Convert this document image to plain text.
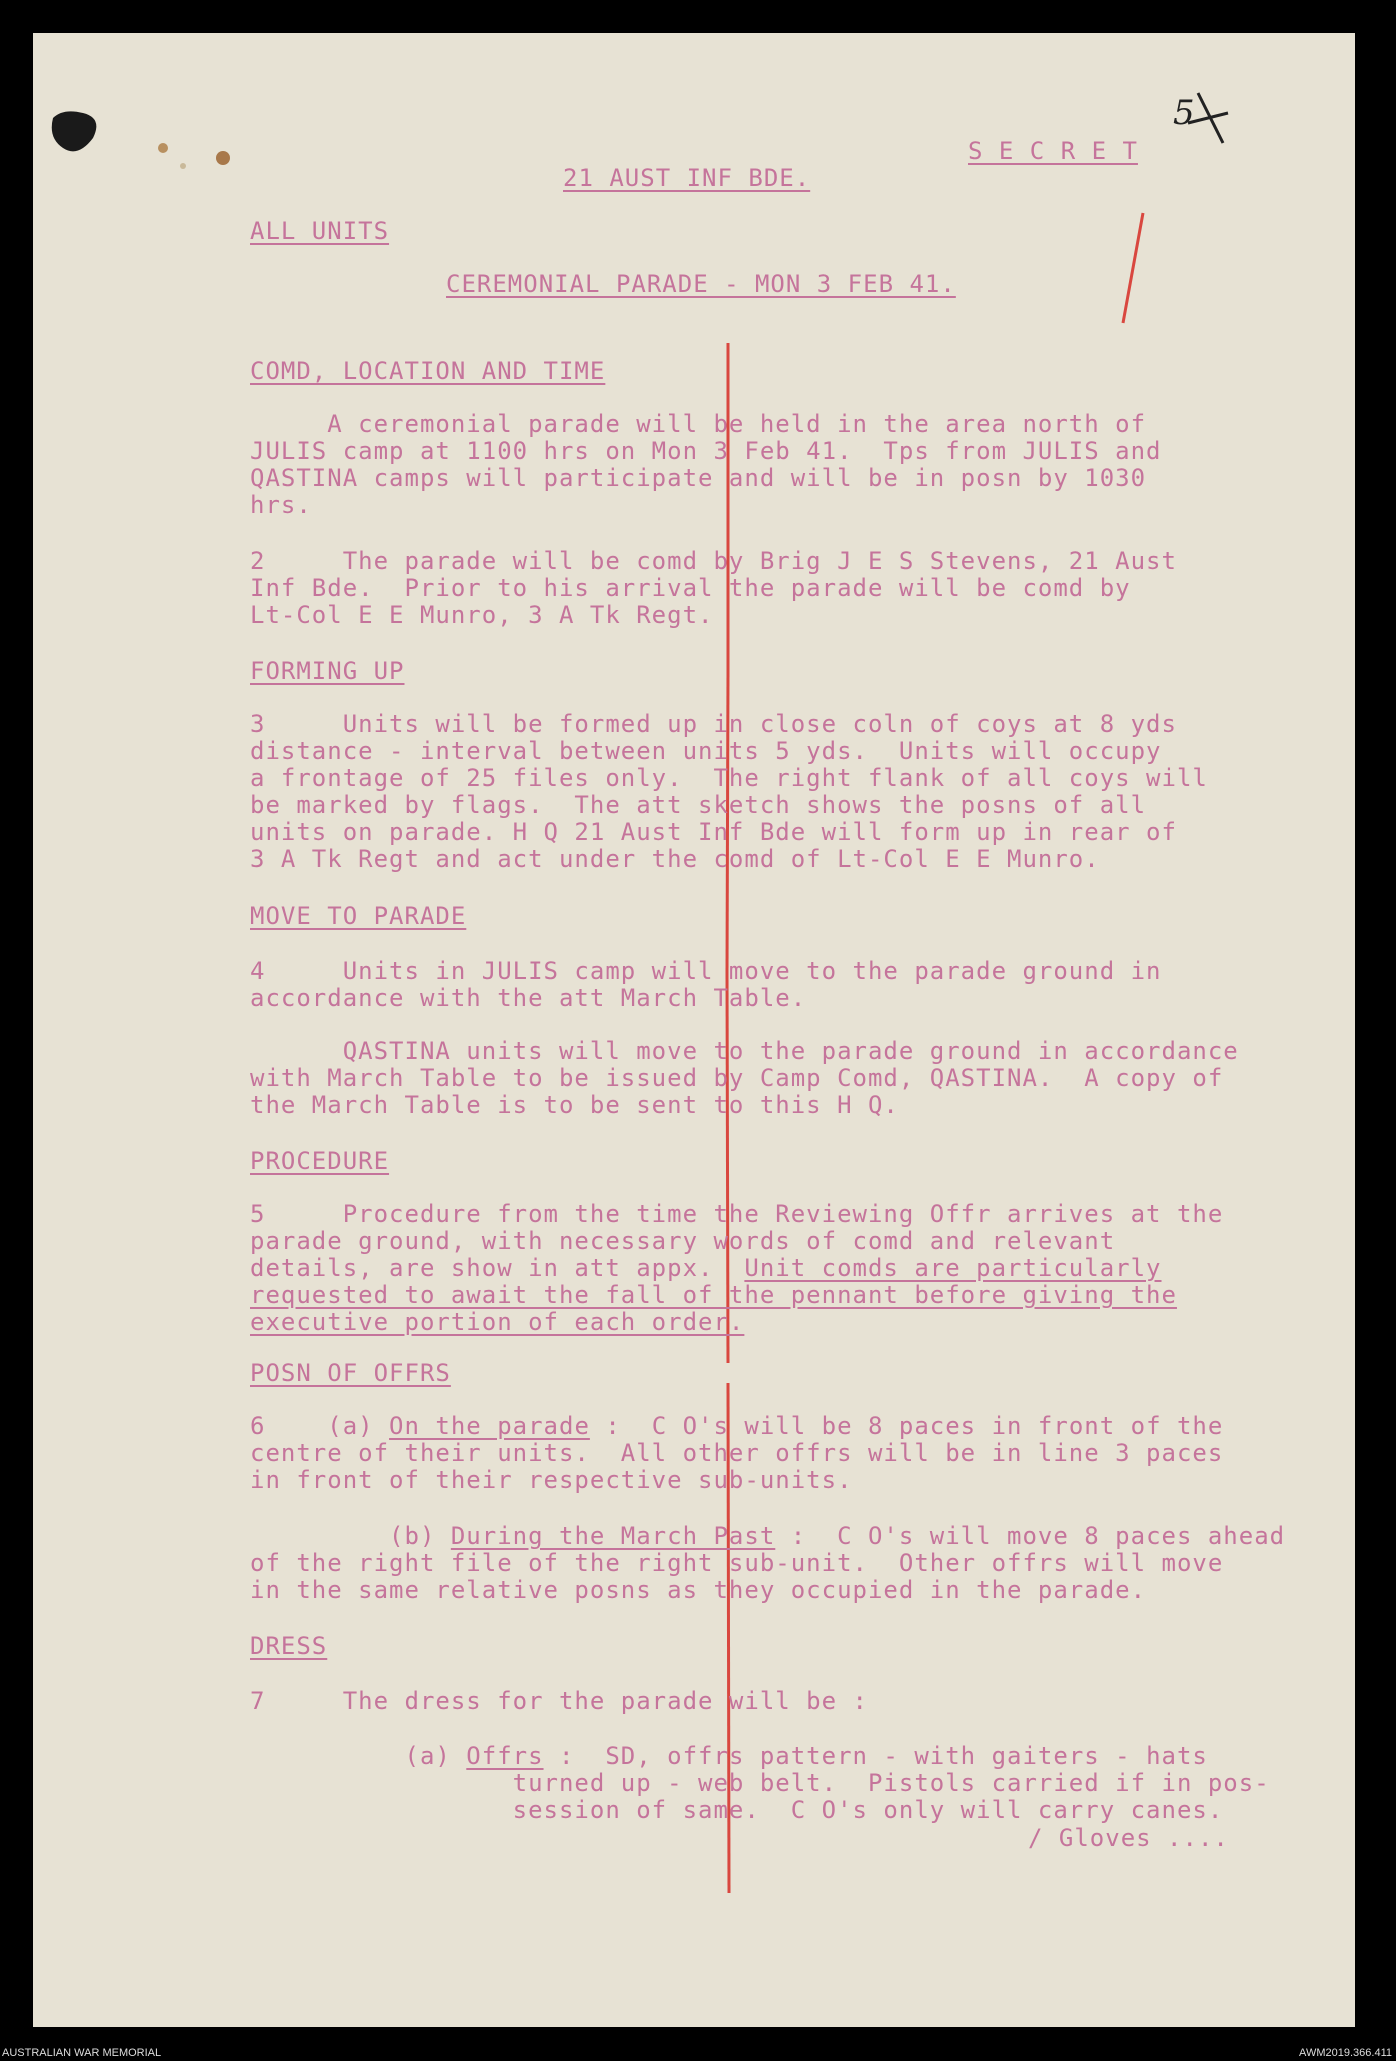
5
S E C R E T
21 AUST INF BDE.
ALL UNITS
CEREMONIAL PARADE - MON 3 FEB 41.
COMD, LOCATION AND TIME
A ceremonial parade will be held in the area north of
JULIS camp at 1100 hrs on Mon 3 Feb 41.  Tps from JULIS and
QASTINA camps will participate and will be in posn by 1030
hrs.
2     The parade will be comd by Brig J E S Stevens, 21 Aust
Inf Bde.  Prior to his arrival the parade will be comd by
Lt-Col E E Munro, 3 A Tk Regt.
FORMING UP
3     Units will be formed up in close coln of coys at 8 yds
distance - interval between units 5 yds.  Units will occupy
a frontage of 25 files only.  The right flank of all coys will
be marked by flags.  The att sketch shows the posns of all
units on parade. H Q 21 Aust Inf Bde will form up in rear of
3 A Tk Regt and act under the comd of Lt-Col E E Munro.
MOVE TO PARADE
4     Units in JULIS camp will move to the parade ground in
accordance with the att March Table.
QASTINA units will move to the parade ground in accordance
with March Table to be issued by Camp Comd, QASTINA.  A copy of
the March Table is to be sent to this H Q.
PROCEDURE
5     Procedure from the time the Reviewing Offr arrives at the
parade ground, with necessary words of comd and relevant
details, are show in att appx. Unit comds are particularly
requested to await the fall of the pennant before giving the
executive portion of each order.
POSN OF OFFRS
6    (a) On the parade :  C O's will be 8 paces in front of the
centre of their units.  All other offrs will be in line 3 paces
in front of their respective sub-units.
(b) During the March Past :  C O's will move 8 paces ahead
of the right file of the right sub-unit.  Other offrs will move
in the same relative posns as they occupied in the parade.
DRESS
7     The dress for the parade will be :
(a) Offrs :  SD, offrs pattern - with gaiters - hats
turned up - web belt.  Pistols carried if in pos-
session of same.  C O's only will carry canes.
/ Gloves ....
AUSTRALIAN WAR MEMORIAL	AWM2019.366.411
